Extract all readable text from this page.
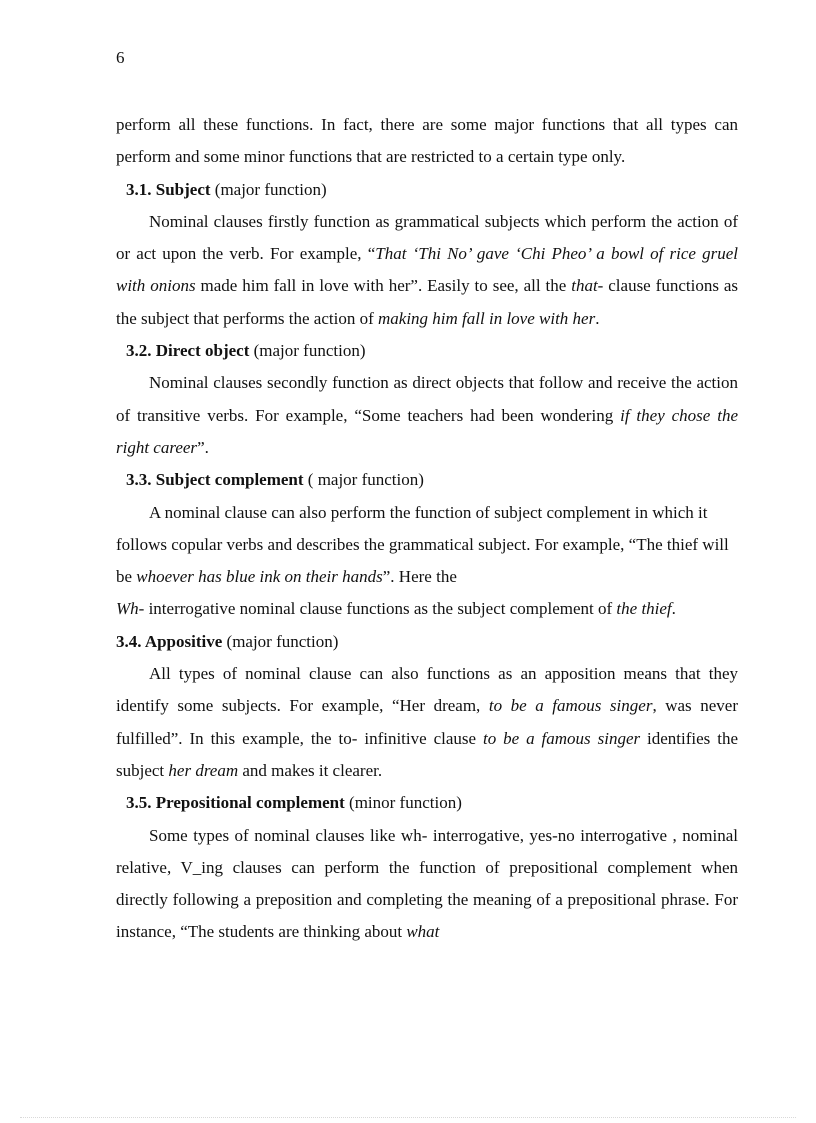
6

perform all these functions. In fact, there are some major functions that all types can perform and some minor functions that are restricted to a certain type only.

3.1. Subject (major function)

Nominal clauses firstly function as grammatical subjects which perform the action of or act upon the verb. For example, “That ‘Thi No’ gave ‘Chi Pheo’ a bowl of rice gruel with onions made him fall in love with her”. Easily to see, all the that- clause functions as the subject that performs the action of making him fall in love with her.

3.2. Direct object (major function)

Nominal clauses secondly function as direct objects that follow and receive the action of transitive verbs. For example, “Some teachers had been wondering if they chose the right career”.

3.3. Subject complement ( major function)

A nominal clause can also perform the function of subject complement in which it follows copular verbs and describes the grammatical subject. For example, “The thief will be whoever has blue ink on their hands”. Here the

Wh- interrogative nominal clause functions as the subject complement of the thief.

3.4. Appositive (major function)

All types of nominal clause can also functions as an apposition means that they identify some subjects. For example, “Her dream, to be a famous singer, was never fulfilled”. In this example, the to- infinitive clause to be a famous singer identifies the subject her dream and makes it clearer.

3.5. Prepositional complement (minor function)

Some types of nominal clauses like wh- interrogative, yes-no interrogative , nominal relative, V_ing clauses can perform the function of prepositional complement when directly following a preposition and completing the meaning of a prepositional phrase. For instance, “The students are thinking about what
